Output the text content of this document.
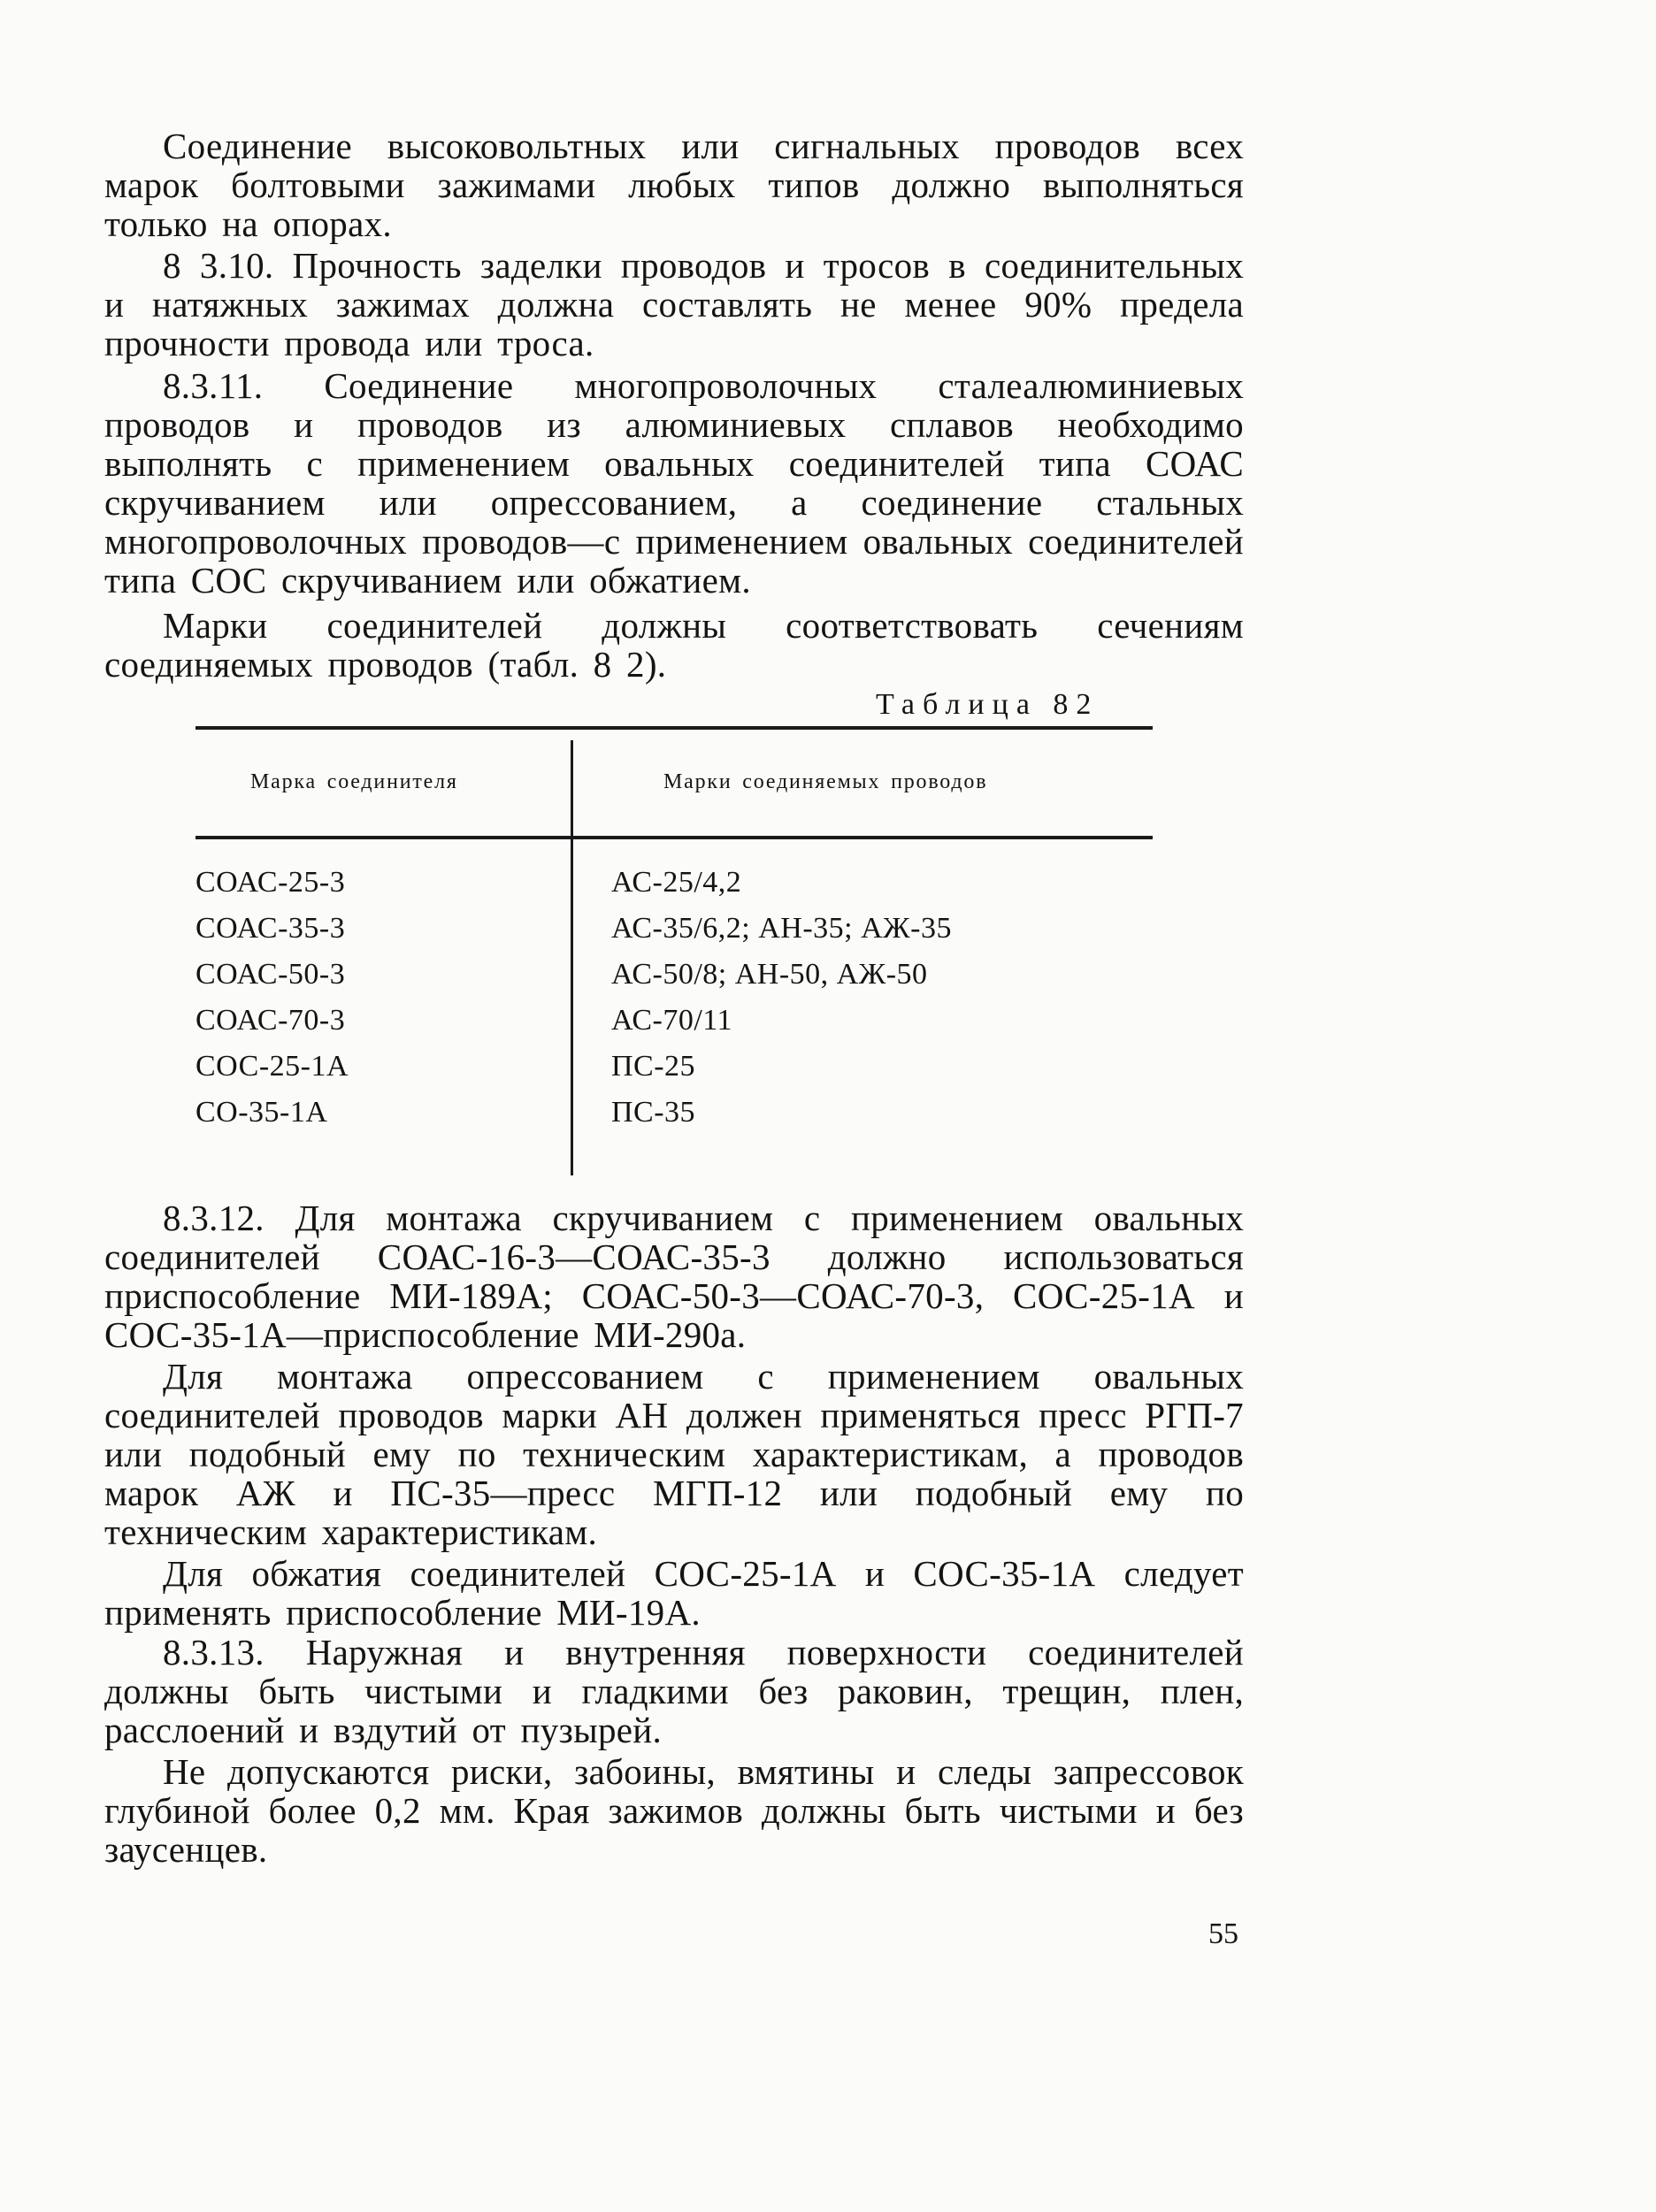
Соединение высоковольтных или сигнальных проводов всех марок болтовыми зажимами любых типов должно выполняться только на опорах.

8 3.10. Прочность заделки проводов и тросов в соединительных и натяжных зажимах должна составлять не менее 90% предела прочности провода или троса.

8.3.11. Соединение многопроволочных сталеалюминиевых проводов и проводов из алюминиевых сплавов необходимо выполнять с применением овальных соединителей типа СОАС скручиванием или опрессованием, а соединение стальных многопроволочных проводов—с применением овальных соединителей типа СОС скручиванием или обжатием.

Марки соединителей должны соответствовать сечениям соединяемых проводов (табл. 8 2).

Таблица 82

Марка соединителя	Марки соединяемых проводов

СОАС-25-3	АС-25/4,2
СОАС-35-3	АС-35/6,2; АН-35; АЖ-35
СОАС-50-3	АС-50/8; АН-50, АЖ-50
СОАС-70-3	АС-70/11
СОС-25-1А	ПС-25
СО-35-1А	ПС-35

8.3.12. Для монтажа скручиванием с применением овальных соединителей СОАС-16-3—СОАС-35-3 должно использоваться приспособление МИ-189А; СОАС-50-3—СОАС-70-3, СОС-25-1А и СОС-35-1А—приспособление МИ-290а.

Для монтажа опрессованием с применением овальных соединителей проводов марки АН должен применяться пресс РГП-7 или подобный ему по техническим характеристикам, а проводов марок АЖ и ПС-35—пресс МГП-12 или подобный ему по техническим характеристикам.

Для обжатия соединителей СОС-25-1А и СОС-35-1А следует применять приспособление МИ-19А.

8.3.13. Наружная и внутренняя поверхности соединителей должны быть чистыми и гладкими без раковин, трещин, плен, расслоений и вздутий от пузырей.

Не допускаются риски, забоины, вмятины и следы запрессовок глубиной более 0,2 мм. Края зажимов должны быть чистыми и без заусенцев.

55
